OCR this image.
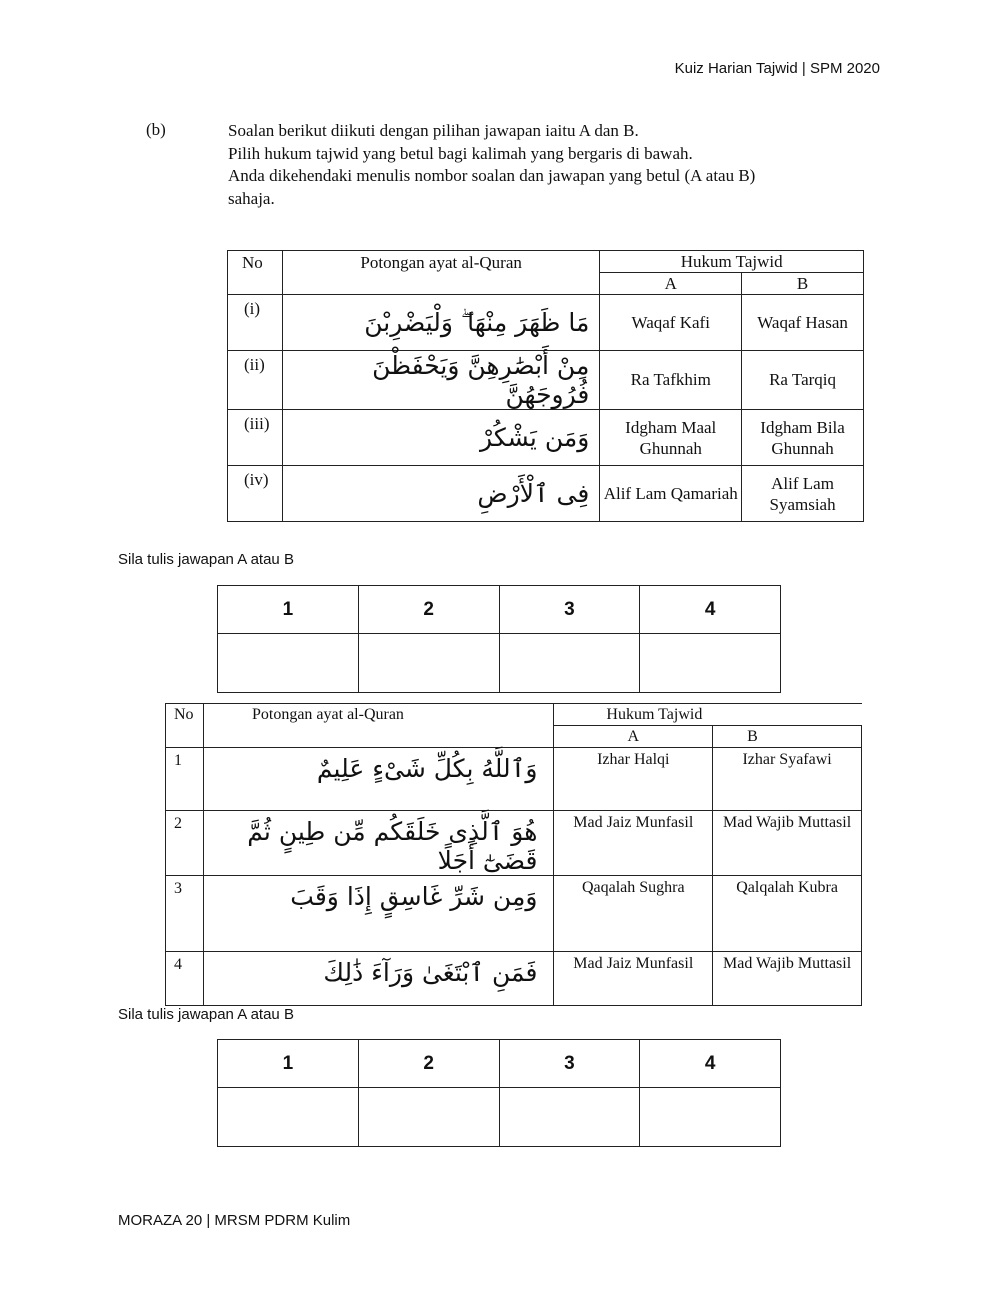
Kuiz Harian Tajwid | SPM 2020
(b)	Soalan berikut diikuti dengan pilihan jawapan iaitu A dan B.
Pilih hukum tajwid yang betul bagi kalimah yang bergaris di bawah.
Anda dikehendaki menulis nombor soalan dan jawapan yang betul (A atau B)
sahaja.
No	Potongan ayat al-Quran	Hukum Tajwid	
		A	B
(i)	مَا ظَهَرَ مِنْهَا ۖ وَلْيَضْرِبْنَ	Waqaf Kafi	Waqaf Hasan
(ii)	مِنْ أَبْصَٰرِهِنَّ وَيَحْفَظْنَ فُرُوجَهُنَّ	Ra Tafkhim	Ra Tarqiq
(iii)	وَمَن يَشْكُرْ	Idgham Maal Ghunnah	Idgham Bila Ghunnah
(iv)	فِى ٱلْأَرْضِ	Alif Lam Qamariah	Alif Lam Syamsiah
Sila tulis jawapan A atau B
1	2	3	4

No	Potongan ayat al-Quran	Hukum Tajwid	
		A	B
1	وَٱللَّهُ بِكُلِّ شَىْءٍ عَلِيمٌ	Izhar Halqi	Izhar Syafawi
2	هُوَ ٱلَّذِى خَلَقَكُم مِّن طِينٍ ثُمَّ قَضَىٰٓ أَجَلًا	Mad Jaiz Munfasil	Mad Wajib Muttasil
3	وَمِن شَرِّ غَاسِقٍ إِذَا وَقَبَ	Qaqalah Sughra	Qalqalah Kubra
4	فَمَنِ ٱبْتَغَىٰ وَرَآءَ ذَٰلِكَ	Mad Jaiz Munfasil	Mad Wajib Muttasil
Sila tulis jawapan A atau B
1	2	3	4

MORAZA 20 | MRSM PDRM Kulim
